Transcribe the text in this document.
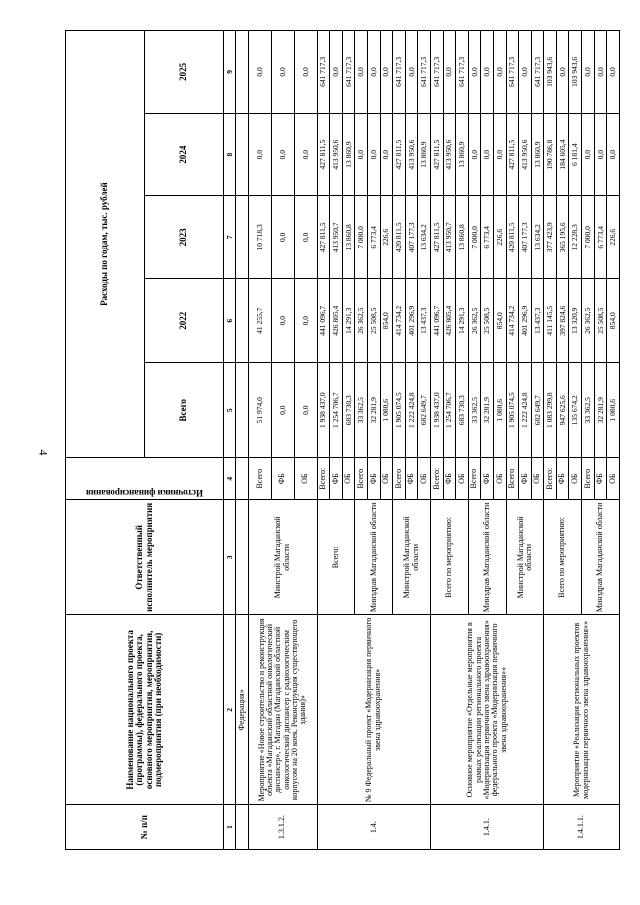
4
№ п/п	Наименование национального проекта (программы), федерального проекта, основного мероприятия, мероприятия, подмероприятия (при необходимости)	Ответственный исполнитель мероприятия	Источники финансирования	Расходы по годам, тыс. рублей				
				Всего	2022	2023	2024	2025
1	2	3	4	5	6	7	8	9
	Федерация»							
1.3.1.2.	Мероприятие «Новое строительство и реконструкция объекта «Магаданский областной онкологический диспансер», г. Магадан (Магаданский областной онкологический диспансер с радиологическим корпусом на 20 коек. Реконструкция существующего здания)»	Минстрой Магаданской области	Всего	51 974,0	41 255,7	10 718,3	0,0	0,0
			ФБ	0,0	0,0	0,0	0,0	0,0
			ОБ	0,0	0,0	0,0	0,0	0,0
1.4.	№ 9 Федеральный проект «Модернизация первичного звена здравоохранения»	Всего:	Всего:	1 938 437,0	441 096,7	427 811,5	427 811,5	641 717,3
			ФБ	1 254 706,7	426 805,4	413 950,7	413 950,6	0,0
			ОБ	683 730,3	14 291,3	13 860,8	13 860,9	641 717,3
		Минздрав Магаданской области	Всего	33 362,5	26 362,5	7 000,0	0,0	0,0
			ФБ	32 281,9	25 508,5	6 773,4	0,0	0,0
			ОБ	1 080,6	854,0	226,6	0,0	0,0
		Минстрой Магаданской области	Всего	1 905 074,5	414 734,2	420 811,5	427 811,5	641 717,3
			ФБ	1 222 424,8	401 296,9	407 177,3	413 950,6	0,0
			ОБ	682 649,7	13 437,3	13 634,2	13 860,9	641 717,3
1.4.1.	Основное мероприятие «Отдельные мероприятия в рамках реализации регионального проекта «Модернизация первичного звена здравоохранения» федерального проекта «Модернизация первичного звена здравоохранения»»	Всего по мероприятию:	Всего:	1 938 437,0	441 096,7	427 811,5	427 811,5	641 717,3
			ФБ	1 254 706,7	426 805,4	413 950,7	413 950,6	0,0
			ОБ	683 730,3	14 291,3	13 860,8	13 860,9	641 717,3
		Минздрав Магаданской области	Всего	33 362,5	26 362,5	7 000,0	0,0	0,0
			ФБ	32 281,9	25 508,5	6 773,4	0,0	0,0
			ОБ	1 080,6	854,0	226,6	0,0	0,0
		Минстрой Магаданской области	Всего	1 905 074,5	414 734,2	420 811,5	427 811,5	641 717,3
			ФБ	1 222 424,8	401 296,9	407 177,3	413 950,6	0,0
			ОБ	682 649,7	13 437,3	13 634,2	13 860,9	641 717,3
1.4.1.1.	Мероприятие «Реализация региональных проектов модернизации первичного звена здравоохранения»»	Всего по мероприятию:	Всего:	1 083 299,8	411 145,5	377 423,9	190 786,8	103 943,6
			ФБ	947 625,6	397 824,6	365 195,6	184 605,4	0,0
			ОБ	135 674,2	13 320,9	12 228,3	6 181,4	103 943,6
		Минздрав Магаданской области	Всего	33 362,5	26 362,5	7 000,0	0,0	0,0
			ФБ	32 281,9	25 508,5	6 773,4	0,0	0,0
			ОБ	1 080,6	854,0	226,6	0,0	0,0
